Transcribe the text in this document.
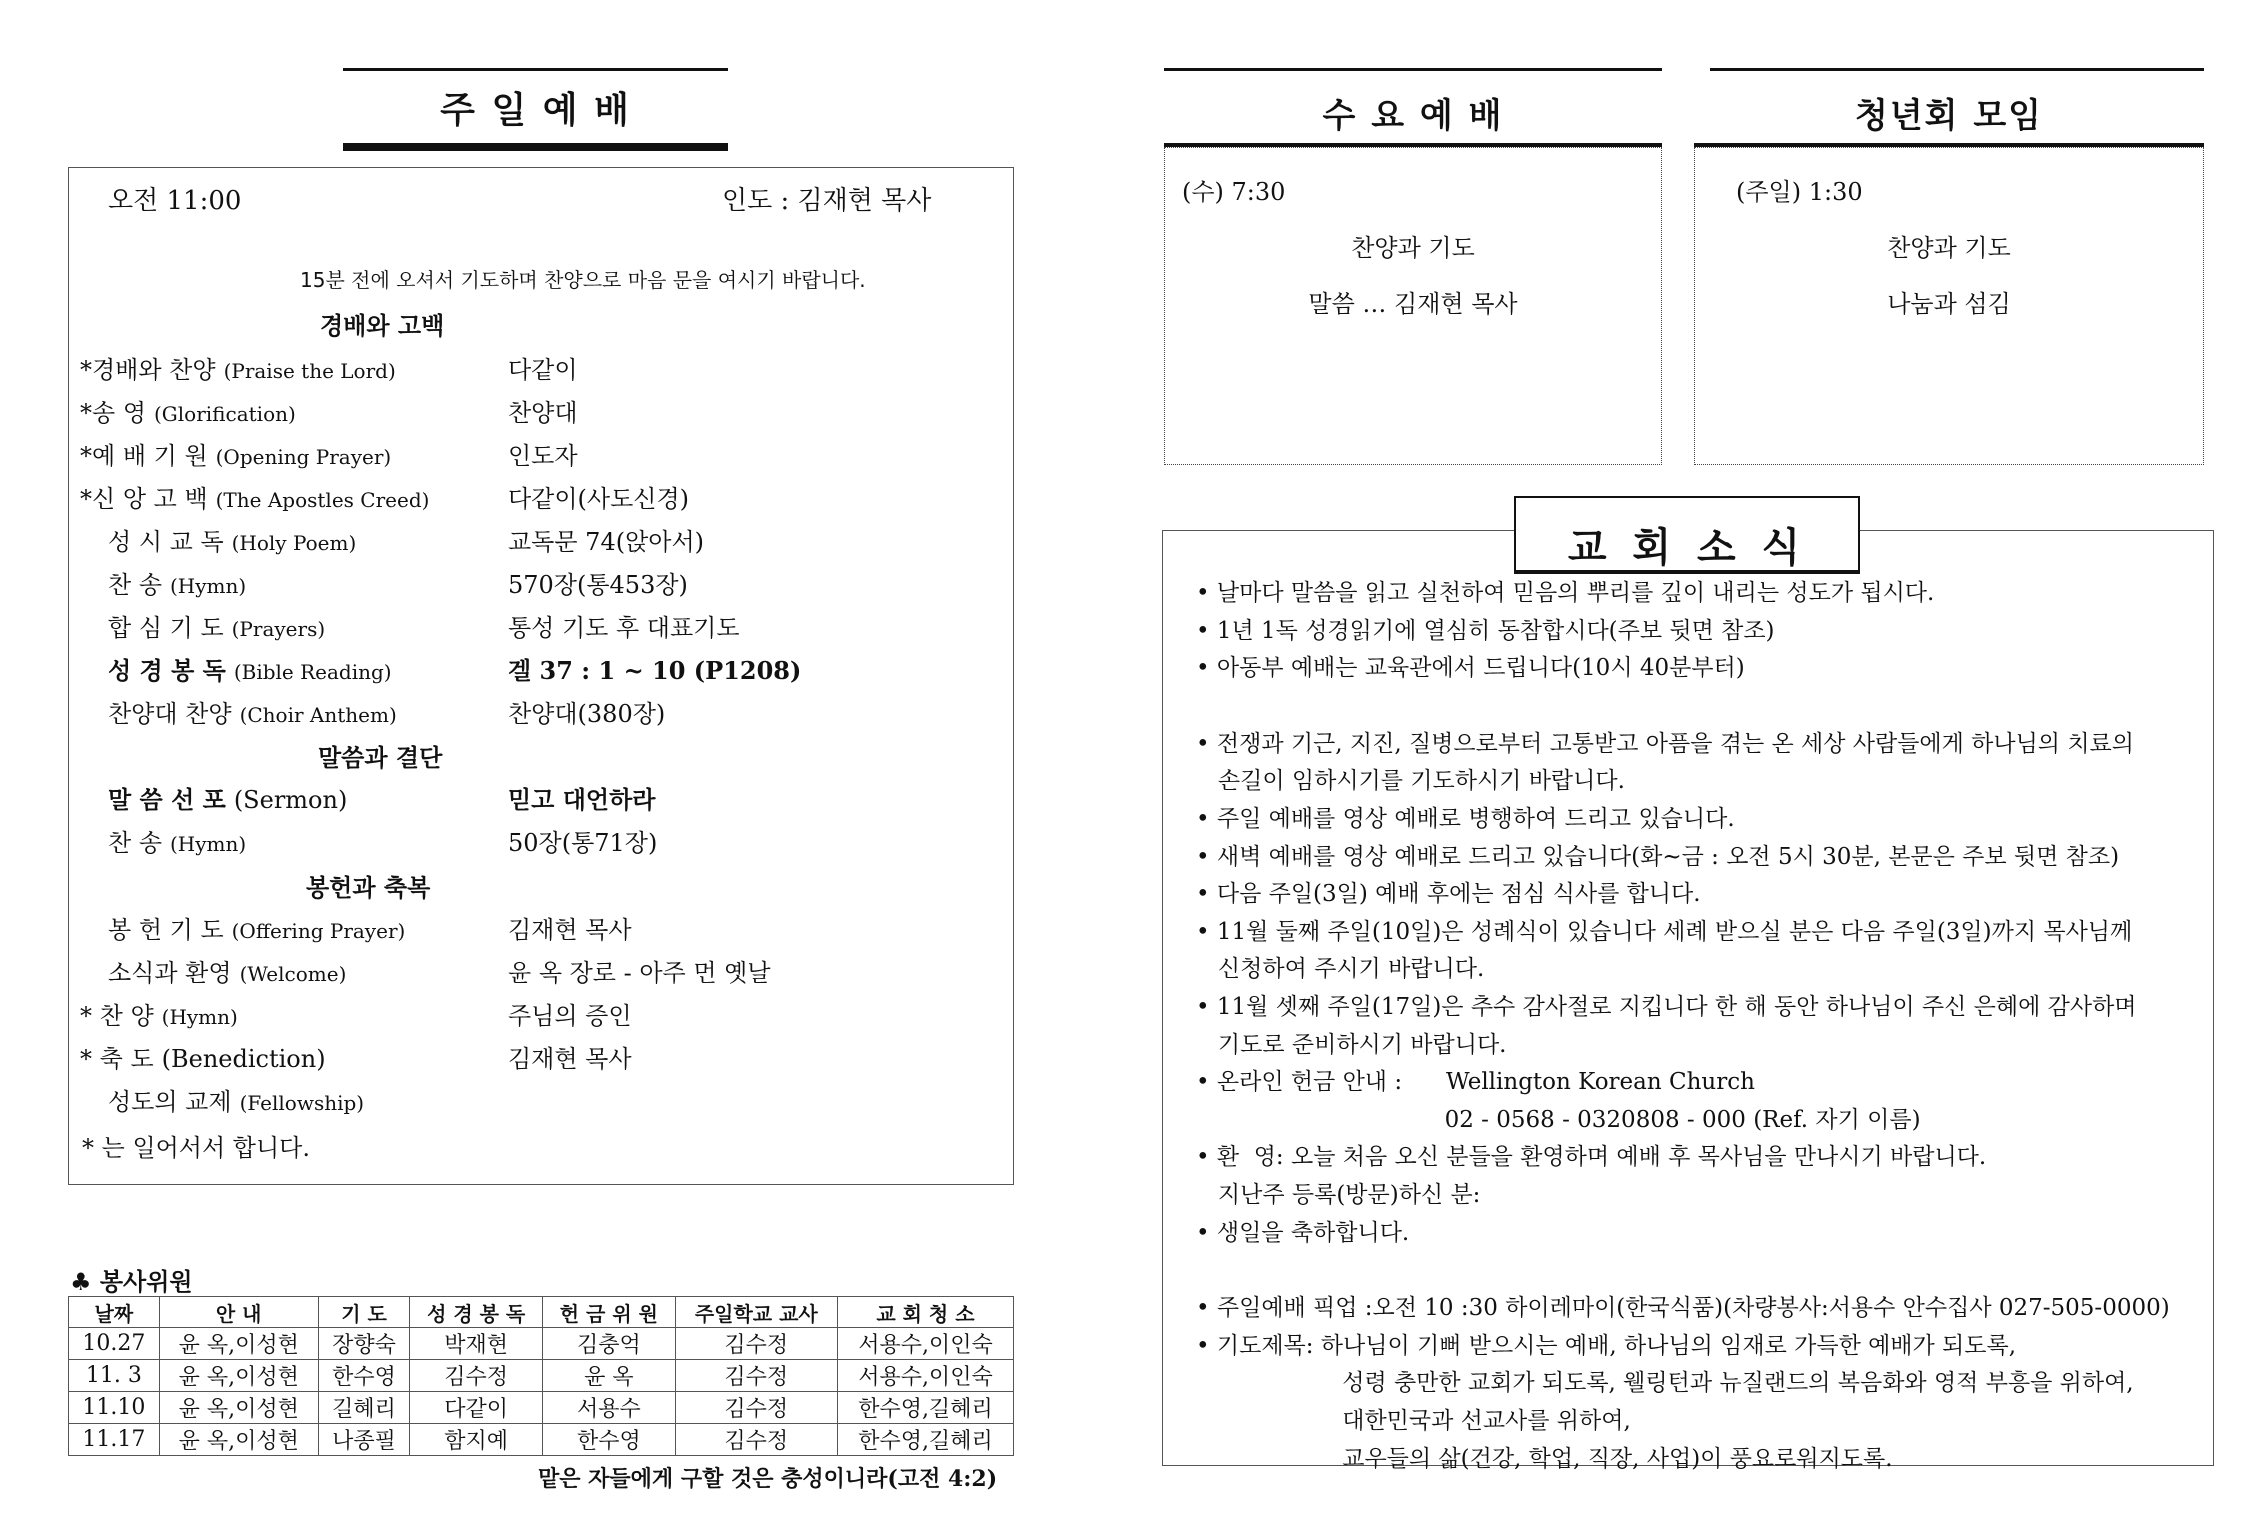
주 일 예 배
오전 11:00	인도 : 김재현 목사
15분 전에 오셔서 기도하며 찬양으로 마음 문을 여시기 바랍니다.
경배와 고백
*경배와 찬양 (Praise the Lord)	다같이
*송 영 (Glorification)	찬양대
*예 배 기 원 (Opening Prayer)	인도자
*신 앙 고 백 (The Apostles Creed)	다같이(사도신경)
성 시 교 독 (Holy Poem)	교독문 74(앉아서)
찬 송 (Hymn)	570장(통453장)
합 심 기 도 (Prayers)	통성 기도 후 대표기도
성 경 봉 독 (Bible Reading)	겔 37 : 1 ~ 10 (P1208)
찬양대 찬양 (Choir Anthem)	찬양대(380장)
말 씀 선 포 (Sermon)	믿고 대언하라
찬 송 (Hymn)	50장(통71장)
봉 헌 기 도 (Offering Prayer)	김재현 목사
소식과 환영 (Welcome)	윤 옥 장로 - 아주 먼 옛날
* 찬 양 (Hymn)	주님의 증인
* 축 도 (Benediction)	김재현 목사
성도의 교제 (Fellowship)
말씀과 결단
봉헌과 축복
* 는 일어서서 합니다.
♣ 봉사위원
날짜	안 내	기 도	성 경 봉 독	헌 금 위 원	주일학교 교사	교 회 청 소
10.27	윤 옥,이성현	장향숙	박재현	김충억	김수정	서용수,이인숙
11. 3	윤 옥,이성현	한수영	김수정	윤 옥	김수정	서용수,이인숙
11.10	윤 옥,이성현	길혜리	다같이	서용수	김수정	한수영,길혜리
11.17	윤 옥,이성현	나종필	함지예	한수영	김수정	한수영,길혜리
맡은 자들에게 구할 것은 충성이니라(고전 4:2)
수 요 예 배
(수) 7:30
찬양과 기도
말씀 … 김재현 목사
청년회 모임
(주일) 1:30
찬양과 기도
나눔과 섬김
교 회 소 식
• 날마다 말씀을 읽고 실천하여 믿음의 뿌리를 깊이 내리는 성도가 됩시다.
• 1년 1독 성경읽기에 열심히 동참합시다(주보 뒷면 참조)
• 아동부 예배는 교육관에서 드립니다(10시 40분부터)
• 전쟁과 기근, 지진, 질병으로부터 고통받고 아픔을 겪는 온 세상 사람들에게 하나님의 치료의
손길이 임하시기를 기도하시기 바랍니다.
• 주일 예배를 영상 예배로 병행하여 드리고 있습니다.
• 새벽 예배를 영상 예배로 드리고 있습니다(화~금 : 오전 5시 30분, 본문은 주보 뒷면 참조)
• 다음 주일(3일) 예배 후에는 점심 식사를 합니다.
• 11월 둘째 주일(10일)은 성례식이 있습니다 세례 받으실 분은 다음 주일(3일)까지 목사님께
신청하여 주시기 바랍니다.
• 11월 셋째 주일(17일)은 추수 감사절로 지킵니다 한 해 동안 하나님이 주신 은혜에 감사하며
기도로 준비하시기 바랍니다.
• 온라인 헌금 안내 :      Wellington Korean Church
02 - 0568 - 0320808 - 000 (Ref. 자기 이름)
• 환  영: 오늘 처음 오신 분들을 환영하며 예배 후 목사님을 만나시기 바랍니다.
지난주 등록(방문)하신 분:
• 생일을 축하합니다.
• 주일예배 픽업 :오전 10 :30 하이레마이(한국식품)(차량봉사:서용수 안수집사 027-505-0000)
• 기도제목: 하나님이 기뻐 받으시는 예배, 하나님의 임재로 가득한 예배가 되도록,
성령 충만한 교회가 되도록, 웰링턴과 뉴질랜드의 복음화와 영적 부흥을 위하여,
대한민국과 선교사를 위하여,
교우들의 삶(건강, 학업, 직장, 사업)이 풍요로워지도록.
